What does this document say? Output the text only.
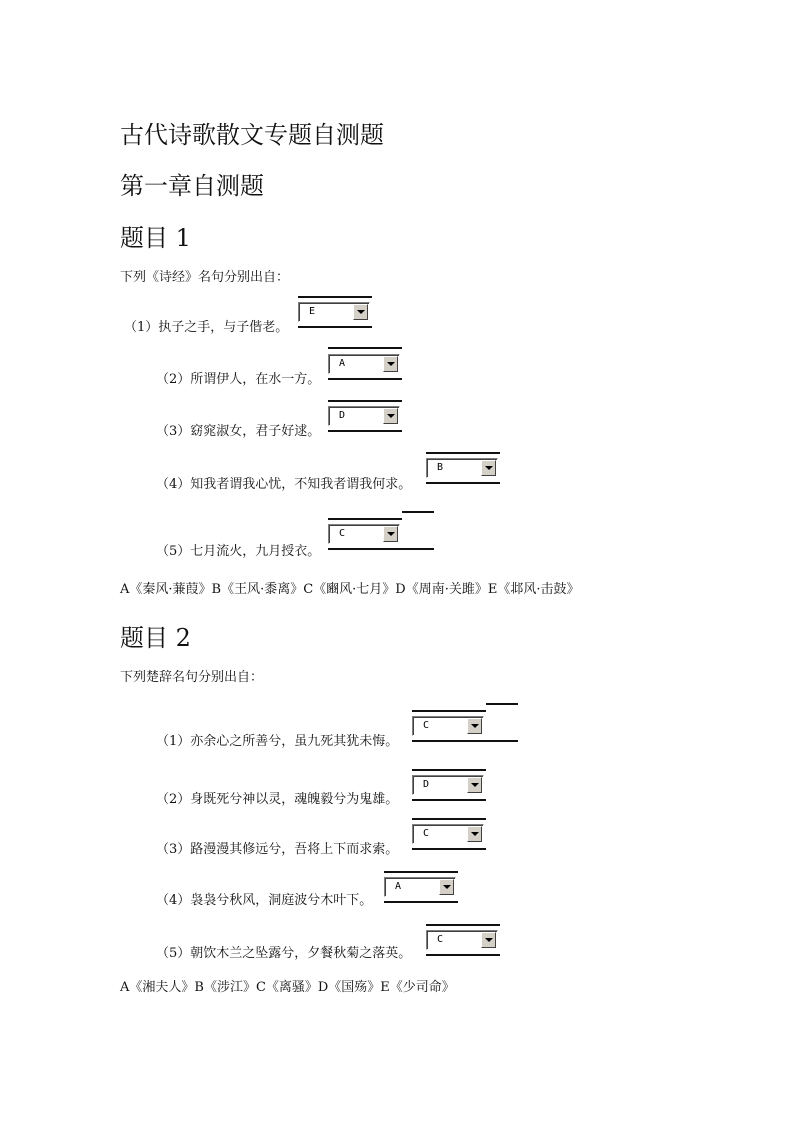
古代诗歌散文专题自测题
第一章自测题
题目 1
下列《诗经》名句分别出自：
（1）执子之手，与子偕老。
E
（2）所谓伊人，在水一方。
A
（3）窈窕淑女，君子好逑。
D
（4）知我者谓我心忧，不知我者谓我何求。
B
（5）七月流火，九月授衣。
C
A《秦风·蒹葭》B《王风·黍离》C《豳风·七月》D《周南·关雎》E《邶风·击鼓》
题目 2
下列楚辞名句分别出自：
（1）亦余心之所善兮，虽九死其犹未悔。
C
（2）身既死兮神以灵，魂魄毅兮为鬼雄。
D
（3）路漫漫其修远兮，吾将上下而求索。
C
（4）袅袅兮秋风，洞庭波兮木叶下。
A
（5）朝饮木兰之坠露兮，夕餐秋菊之落英。
C
A《湘夫人》B《涉江》C《离骚》D《国殇》E《少司命》
